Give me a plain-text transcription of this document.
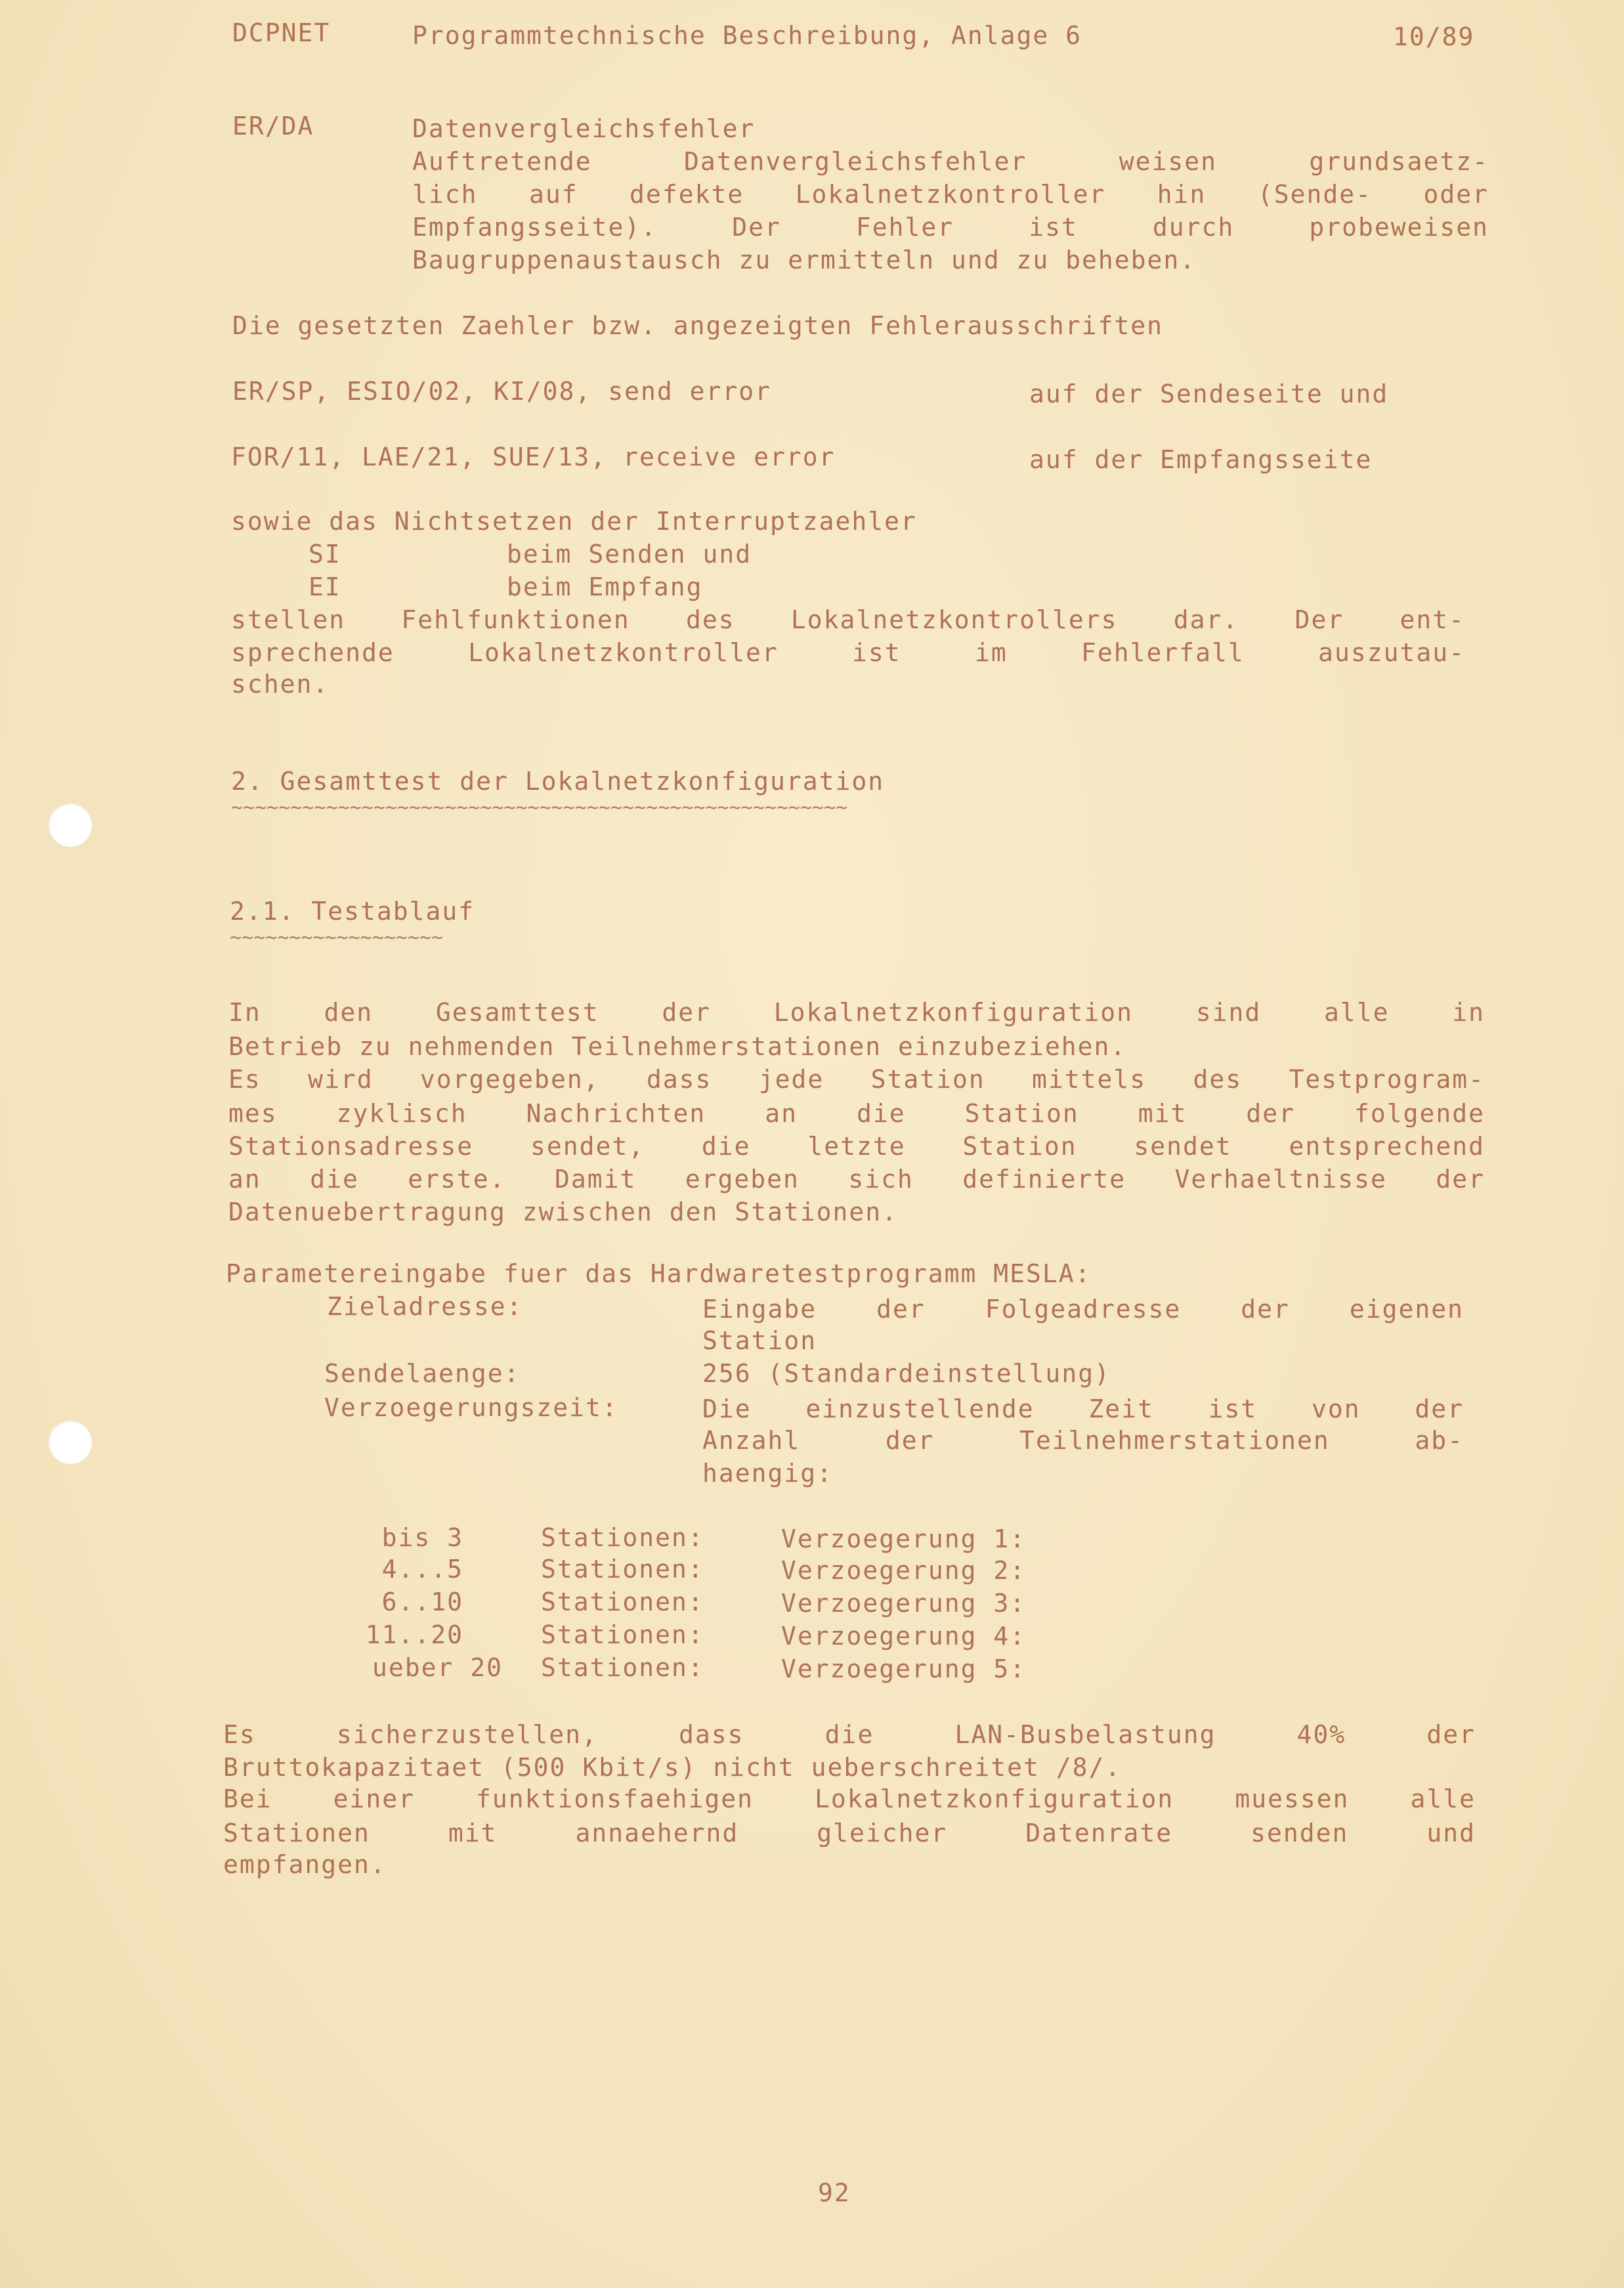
DCPNET	Programmtechnische Beschreibung, Anlage 6	10/89
ER/DA	Datenvergleichsfehler
Auftretende Datenvergleichsfehler weisen grundsaetz-
lich auf defekte Lokalnetzkontroller hin (Sende- oder
Empfangsseite). Der Fehler ist durch probeweisen
Baugruppenaustausch zu ermitteln und zu beheben.
Die gesetzten Zaehler bzw. angezeigten Fehlerausschriften
ER/SP, ESIO/02, KI/08, send error	auf der Sendeseite und
FOR/11, LAE/21, SUE/13, receive error	auf der Empfangsseite
sowie das Nichtsetzen der Interruptzaehler
SI	beim Senden und
EI	beim Empfang
stellen Fehlfunktionen des Lokalnetzkontrollers dar. Der ent-
sprechende Lokalnetzkontroller ist im Fehlerfall auszutau-
schen.
2. Gesamttest der Lokalnetzkonfiguration
~~~~~~~~~~~~~~~~~~~~~~~~~~~~~~~~~~~~~~~~~~~~~~~~~~~~
2.1. Testablauf
~~~~~~~~~~~~~~~~~~
In den Gesamttest der Lokalnetzkonfiguration sind alle in
Betrieb zu nehmenden Teilnehmerstationen einzubeziehen.
Es wird vorgegeben, dass jede Station mittels des Testprogram-
mes zyklisch Nachrichten an die Station mit der folgende
Stationsadresse sendet, die letzte Station sendet entsprechend
an die erste. Damit ergeben sich definierte Verhaeltnisse der
Datenuebertragung zwischen den Stationen.
Parametereingabe fuer das Hardwaretestprogramm MESLA:
Zieladresse:	Eingabe der Folgeadresse der eigenen
Station
Sendelaenge:	256 (Standardeinstellung)
Verzoegerungszeit:	Die einzustellende Zeit ist von der
Anzahl der Teilnehmerstationen ab-
haengig:
bis 3	Stationen:	Verzoegerung 1:
4...5	Stationen:	Verzoegerung 2:
6..10	Stationen:	Verzoegerung 3:
11..20	Stationen:	Verzoegerung 4:
ueber 20 Stationen:	Verzoegerung 5:
Es sicherzustellen, dass die LAN-Busbelastung 40% der
Bruttokapazitaet (500 Kbit/s) nicht ueberschreitet /8/.
Bei einer funktionsfaehigen Lokalnetzkonfiguration muessen alle
Stationen mit annaehernd gleicher Datenrate senden und
empfangen.
92
